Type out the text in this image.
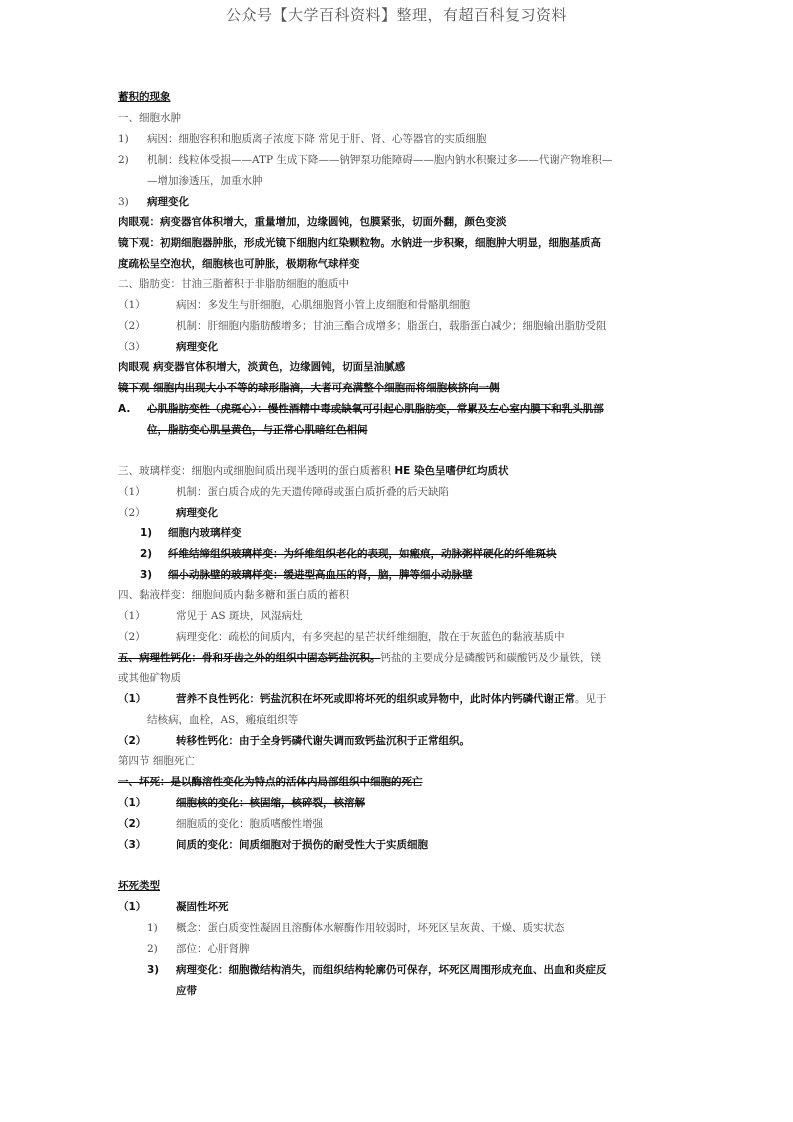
公众号【大学百科资料】整理，有超百科复习资料
蓄积的现象
一、细胞水肿
1) 病因：细胞容积和胞质离子浓度下降 常见于肝、肾、心等器官的实质细胞
2) 机制：线粒体受损——ATP 生成下降——钠钾泵功能障碍——胞内钠水积聚过多——代谢产物堆积—
—增加渗透压，加重水肿
3) 病理变化
肉眼观：病变器官体积增大，重量增加，边缘圆钝，包膜紧张，切面外翻，颜色变淡
镜下观：初期细胞器肿胀，形成光镜下细胞内红染颗粒物。水钠进一步积聚，细胞肿大明显，细胞基质高
度疏松呈空泡状，细胞核也可肿胀，极期称气球样变
二、脂肪变：甘油三脂蓄积于非脂肪细胞的胞质中
（1）	病因：多发生与肝细胞，心肌细胞肾小管上皮细胞和骨骼肌细胞
（2）	机制：肝细胞内脂肪酸增多；甘油三酯合成增多；脂蛋白，载脂蛋白减少；细胞输出脂肪受阻
（3）	病理变化
肉眼观 病变器官体积增大，淡黄色，边缘圆钝，切面呈油腻感
镜下观 细胞内出现大小不等的球形脂滴，大者可充满整个细胞而将细胞核挤向一侧
A. 心肌脂肪变性（虎斑心）：慢性酒精中毒或缺氧可引起心肌脂肪变，常累及左心室内膜下和乳头肌部
位，脂肪变心肌呈黄色，与正常心肌暗红色相间
三、玻璃样变：细胞内或细胞间质出现半透明的蛋白质蓄积 HE 染色呈嗜伊红均质状
（1）	机制：蛋白质合成的先天遗传障碍或蛋白质折叠的后天缺陷
（2）	病理变化
1) 细胞内玻璃样变
2) 纤维结缔组织玻璃样变：为纤维组织老化的表现，如瘢痕，动脉粥样硬化的纤维斑块
3) 细小动脉壁的玻璃样变：缓进型高血压的肾，脑，脾等细小动脉壁
四、黏液样变：细胞间质内黏多糖和蛋白质的蓄积
（1）	常见于 AS 斑块，风湿病灶
（2）	病理变化：疏松的间质内，有多突起的星芒状纤维细胞，散在于灰蓝色的黏液基质中
五、病理性钙化：骨和牙齿之外的组织中固态钙盐沉积。钙盐的主要成分是磷酸钙和碳酸钙及少量铁，镁
或其他矿物质
（1）	营养不良性钙化：钙盐沉积在坏死或即将坏死的组织或异物中，此时体内钙磷代谢正常。见于
结核病，血栓，AS，瘢痕组织等
（2）	转移性钙化：由于全身钙磷代谢失调而致钙盐沉积于正常组织。
第四节 细胞死亡
一、坏死：是以酶溶性变化为特点的活体内局部组织中细胞的死亡
（1）	细胞核的变化：核固缩，核碎裂，核溶解
（2）	细胞质的变化：胞质嗜酸性增强
（3）	间质的变化：间质细胞对于损伤的耐受性大于实质细胞
坏死类型
（1）	凝固性坏死
1) 概念：蛋白质变性凝固且溶酶体水解酶作用较弱时，坏死区呈灰黄、干燥、质实状态
2) 部位：心肝肾脾
3) 病理变化：细胞微结构消失，而组织结构轮廓仍可保存，坏死区周围形成充血、出血和炎症反
应带
